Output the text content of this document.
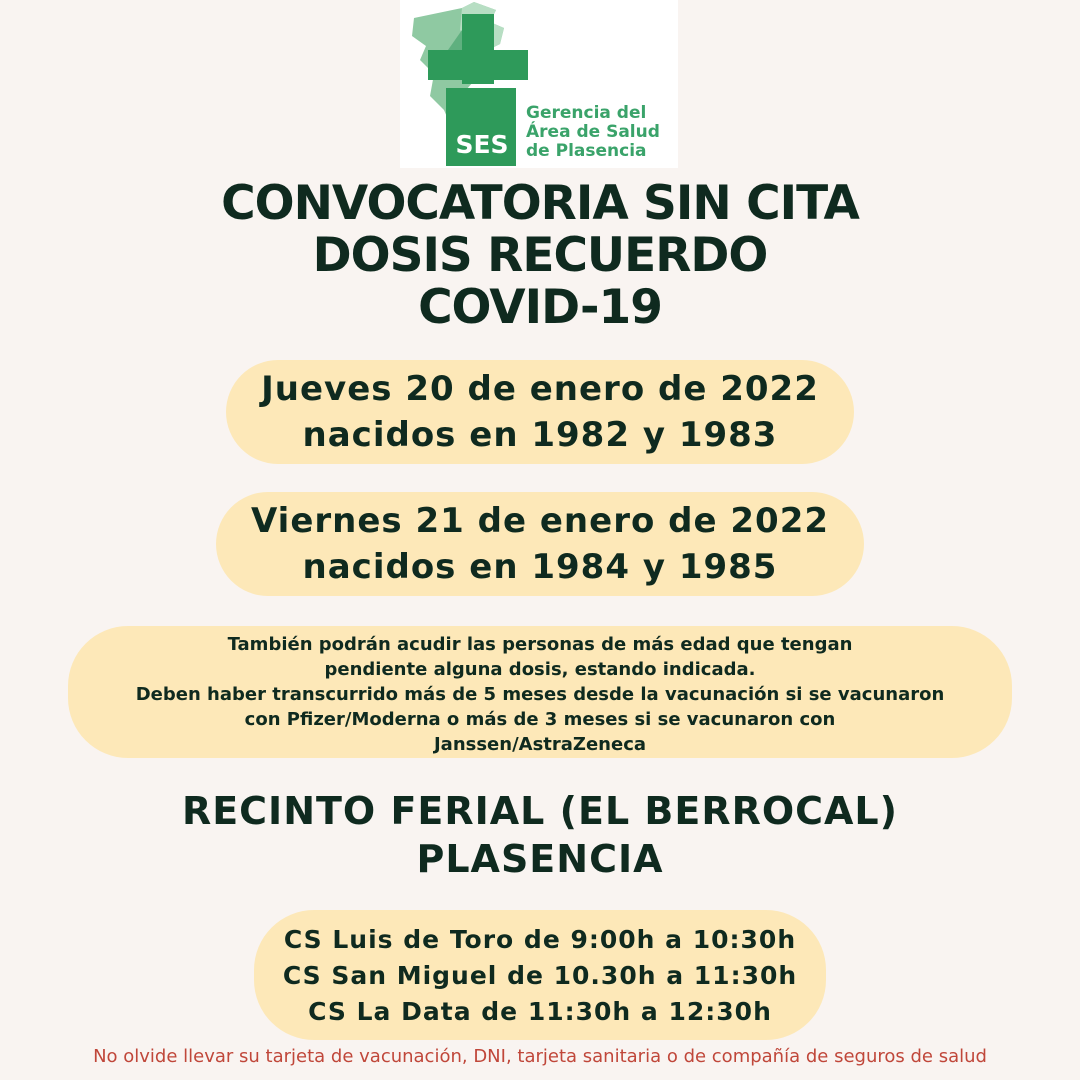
SES
Gerencia del
Área de Salud
de Plasencia
CONVOCATORIA SIN CITA
DOSIS RECUERDO
COVID-19
Jueves 20 de enero de 2022
nacidos en 1982 y 1983
Viernes 21 de enero de 2022
nacidos en 1984 y 1985
También podrán acudir las personas de más edad que tengan
pendiente alguna dosis, estando indicada.
Deben haber transcurrido más de 5 meses desde la vacunación si se vacunaron
con Pfizer/Moderna o más de 3 meses si se vacunaron con
Janssen/AstraZeneca
RECINTO FERIAL (EL BERROCAL)
PLASENCIA
CS Luis de Toro de 9:00h a 10:30h
CS San Miguel de 10.30h a 11:30h
CS La Data de 11:30h a 12:30h
No olvide llevar su tarjeta de vacunación, DNI, tarjeta sanitaria o de compañía de seguros de salud
